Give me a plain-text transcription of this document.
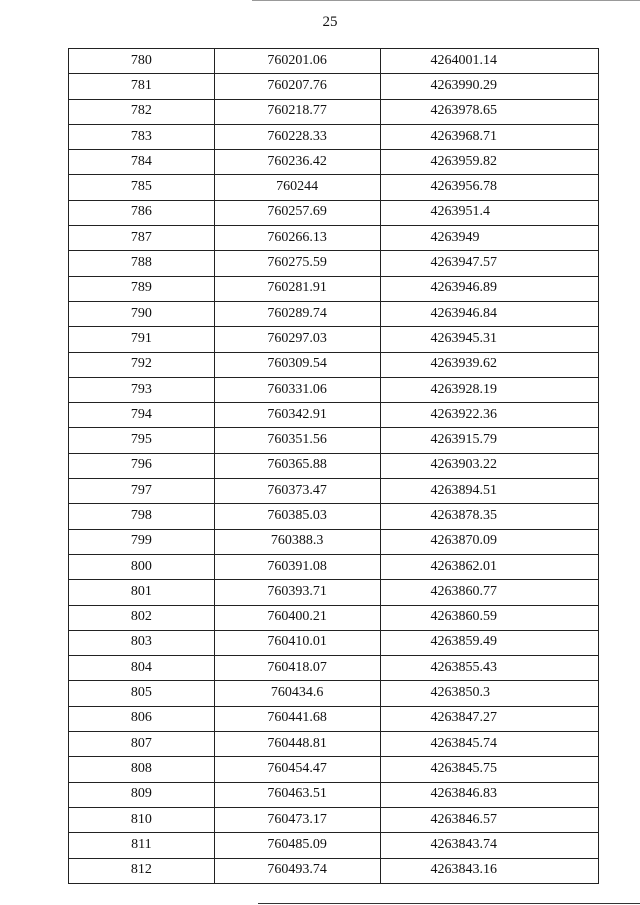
25
780	760201.06	4264001.14
781	760207.76	4263990.29
782	760218.77	4263978.65
783	760228.33	4263968.71
784	760236.42	4263959.82
785	760244	4263956.78
786	760257.69	4263951.4
787	760266.13	4263949
788	760275.59	4263947.57
789	760281.91	4263946.89
790	760289.74	4263946.84
791	760297.03	4263945.31
792	760309.54	4263939.62
793	760331.06	4263928.19
794	760342.91	4263922.36
795	760351.56	4263915.79
796	760365.88	4263903.22
797	760373.47	4263894.51
798	760385.03	4263878.35
799	760388.3	4263870.09
800	760391.08	4263862.01
801	760393.71	4263860.77
802	760400.21	4263860.59
803	760410.01	4263859.49
804	760418.07	4263855.43
805	760434.6	4263850.3
806	760441.68	4263847.27
807	760448.81	4263845.74
808	760454.47	4263845.75
809	760463.51	4263846.83
810	760473.17	4263846.57
811	760485.09	4263843.74
812	760493.74	4263843.16
